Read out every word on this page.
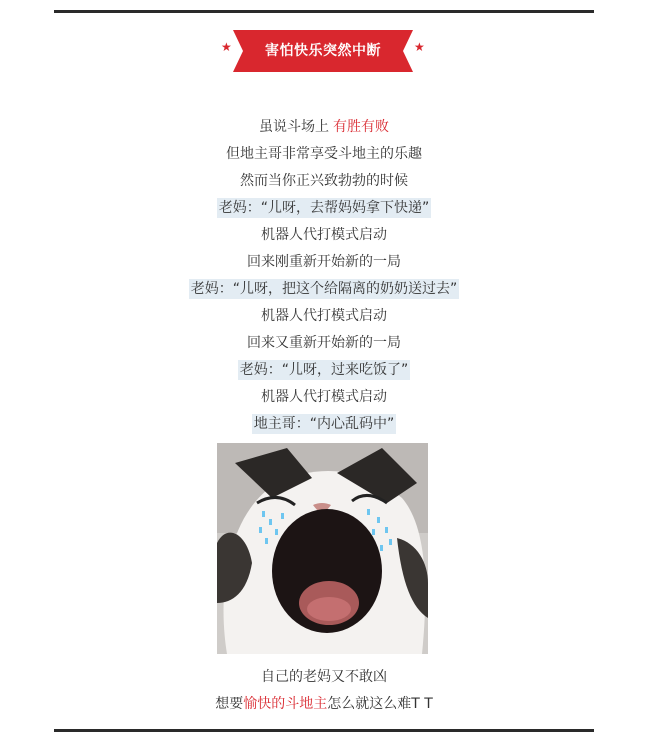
★	害怕快乐突然中断	★
虽说斗场上 有胜有败
但地主哥非常享受斗地主的乐趣
然而当你正兴致勃勃的时候
老妈：“儿呀，去帮妈妈拿下快递”
机器人代打模式启动
回来刚重新开始新的一局
老妈：“儿呀，把这个给隔离的奶奶送过去”
机器人代打模式启动
回来又重新开始新的一局
老妈：“儿呀，过来吃饭了”
机器人代打模式启动
地主哥：“内心乱码中”
自己的老妈又不敢凶
想要愉快的斗地主怎么就这么难T T
